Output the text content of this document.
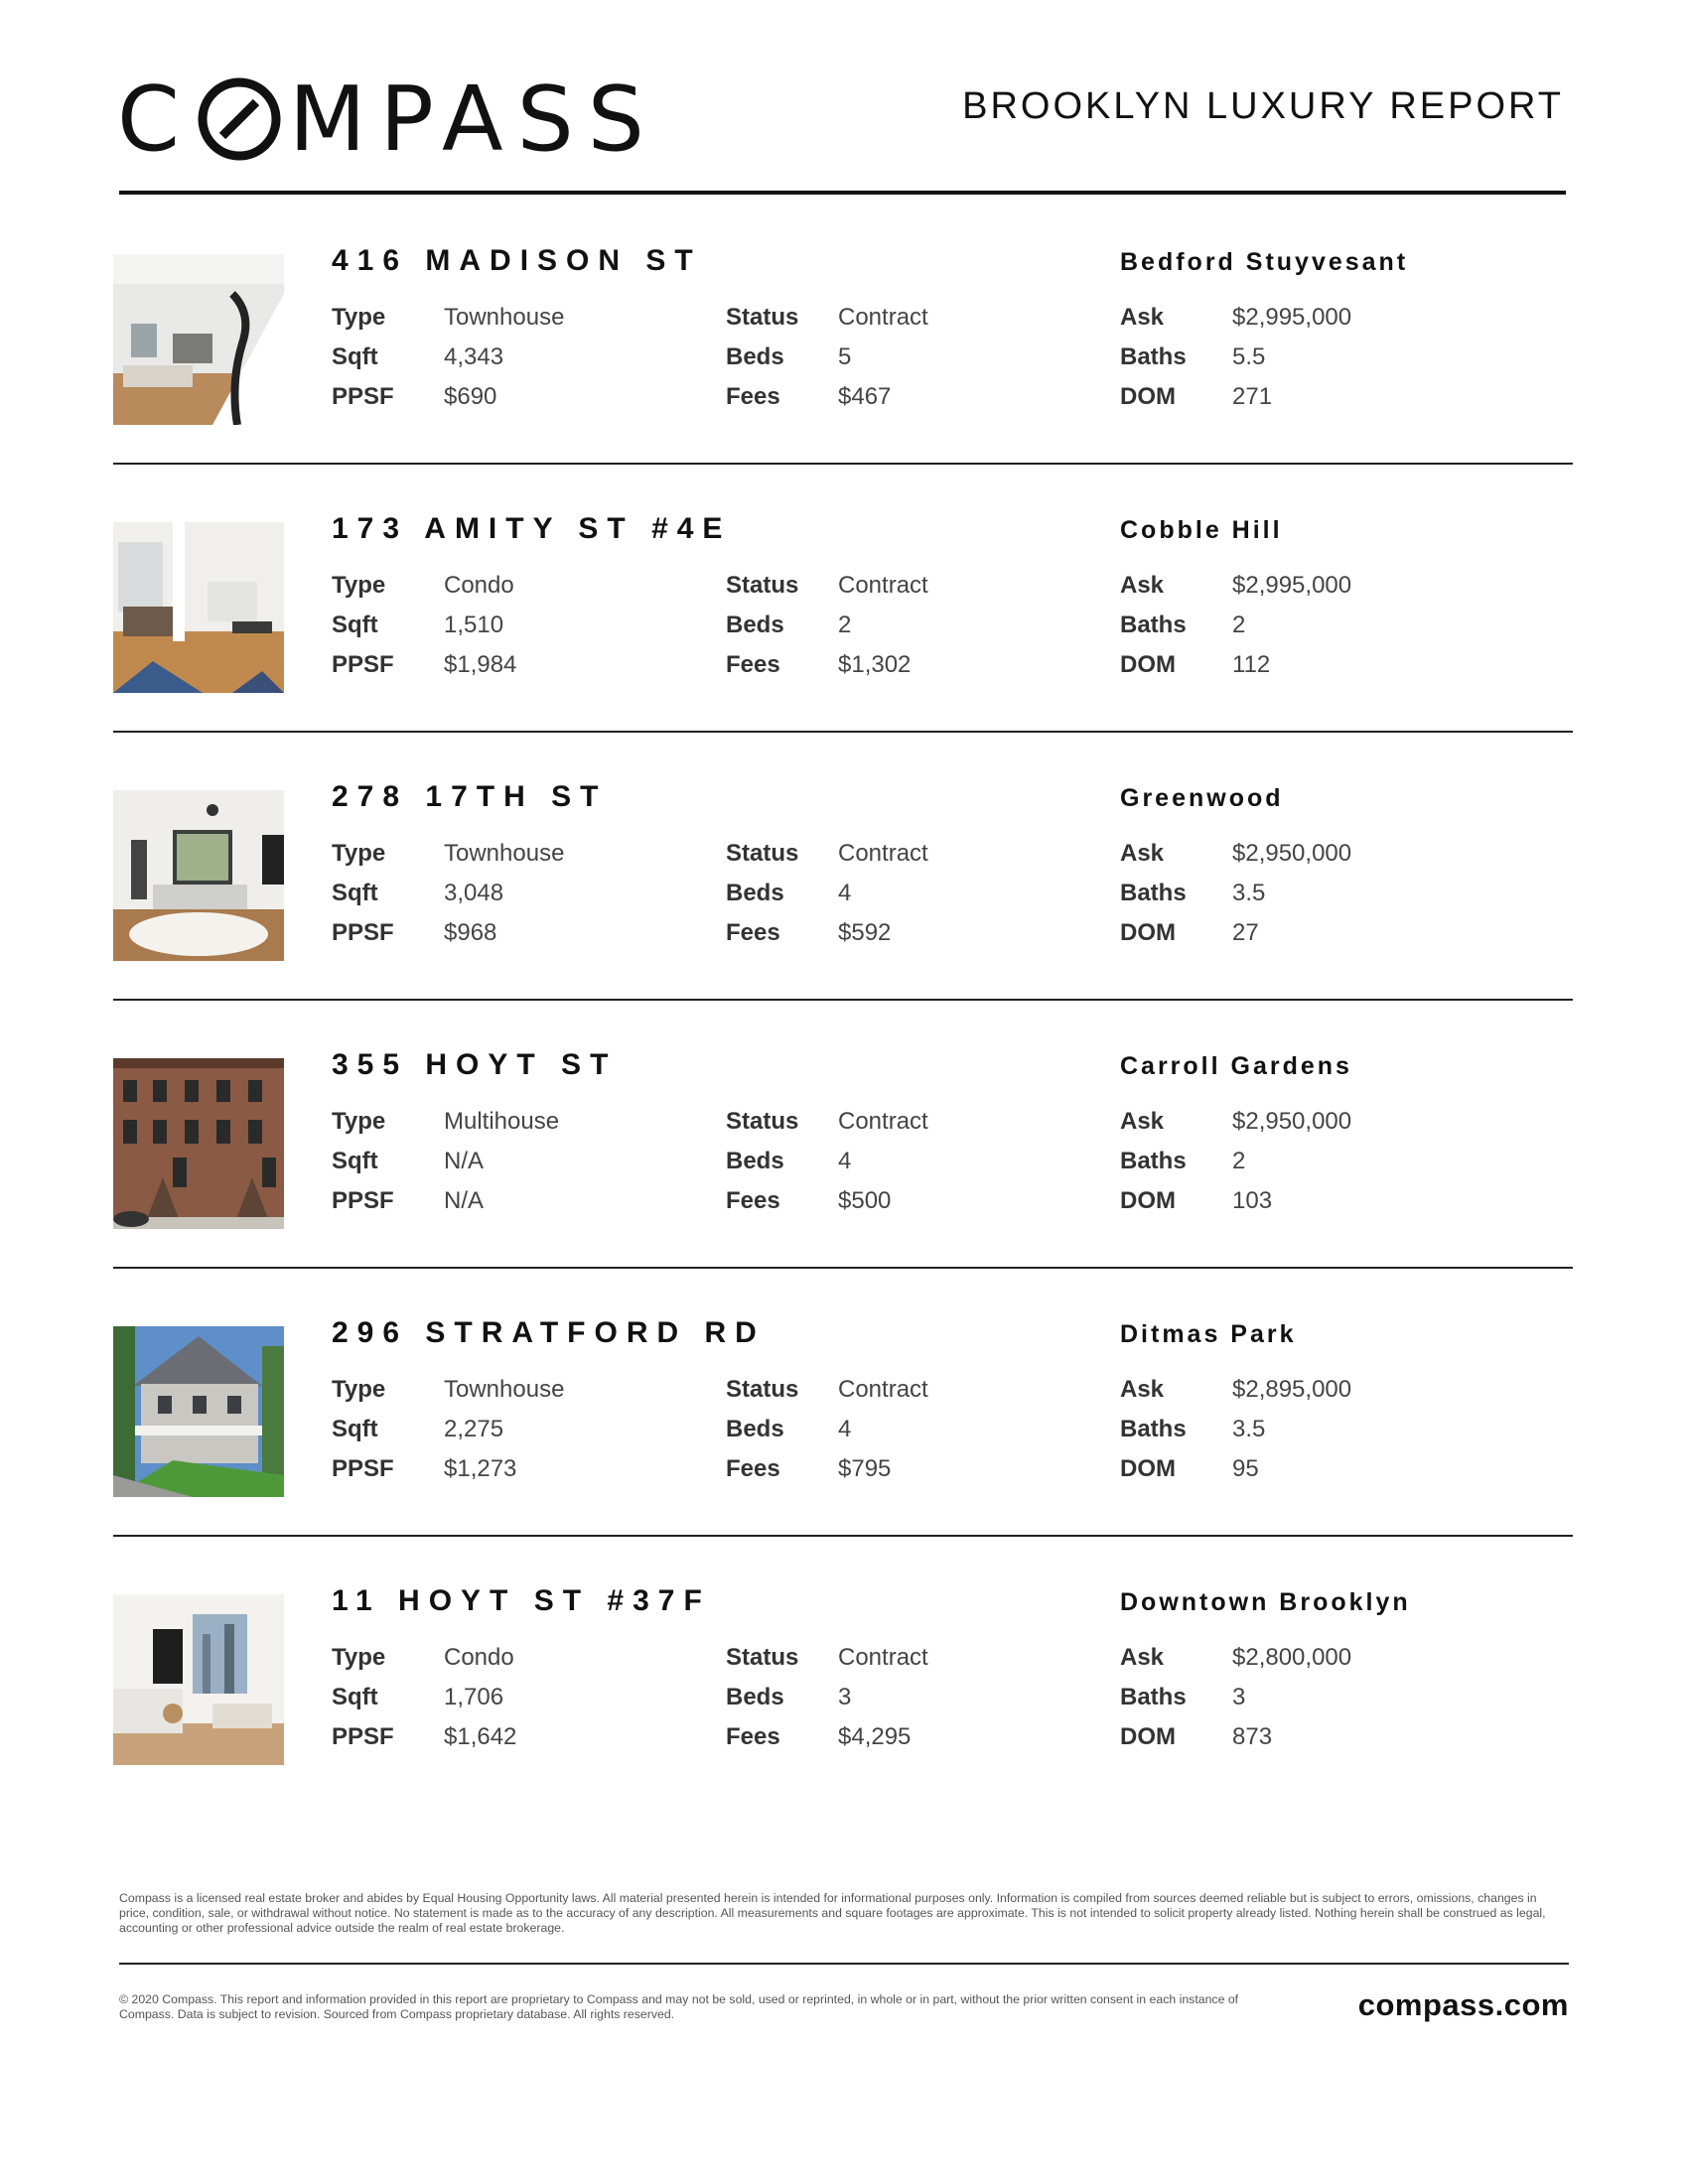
C MPASS	BROOKLYN LUXURY REPORT
416 MADISON ST	Bedford Stuyvesant
Type Townhouse
Sqft	4,343
PPSF $690
Status Contract
Beds 5
Fees $467
Ask	$2,995,000
Baths 5.5
DOM 271
173 AMITY ST #4E	Cobble Hill
Type Condo
Sqft	1,510
PPSF $1,984
Status Contract
Beds 2
Fees $1,302
Ask	$2,995,000
Baths 2
DOM 112
278 17TH ST	Greenwood
Type Townhouse
Sqft	3,048
PPSF $968
Status Contract
Beds 4
Fees $592
Ask	$2,950,000
Baths 3.5
DOM 27
355 HOYT ST	Carroll Gardens
Type Multihouse
Sqft	N/A
PPSF N/A
Status Contract
Beds 4
Fees $500
Ask	$2,950,000
Baths 2
DOM 103
296 STRATFORD RD	Ditmas Park
Type Townhouse
Sqft	2,275
PPSF $1,273
Status Contract
Beds 4
Fees $795
Ask	$2,895,000
Baths 3.5
DOM 95
11 HOYT ST #37F	Downtown Brooklyn
Type Condo
Sqft	1,706
PPSF $1,642
Status Contract
Beds 3
Fees $4,295
Ask	$2,800,000
Baths 3
DOM 873
Compass is a licensed real estate broker and abides by Equal Housing Opportunity laws. All material presented herein is intended for informational purposes only. Information is compiled from sources deemed reliable but is subject to errors, omissions, changes in price, condition, sale, or withdrawal without notice. No statement is made as to the accuracy of any description. All measurements and square footages are approximate. This is not intended to solicit property already listed. Nothing herein shall be construed as legal, accounting or other professional advice outside the realm of real estate brokerage.
© 2020 Compass. This report and information provided in this report are proprietary to Compass and may not be sold, used or reprinted, in whole or in part, without the prior written consent in each instance of Compass. Data is subject to revision. Sourced from Compass proprietary database. All rights reserved.	compass.com
